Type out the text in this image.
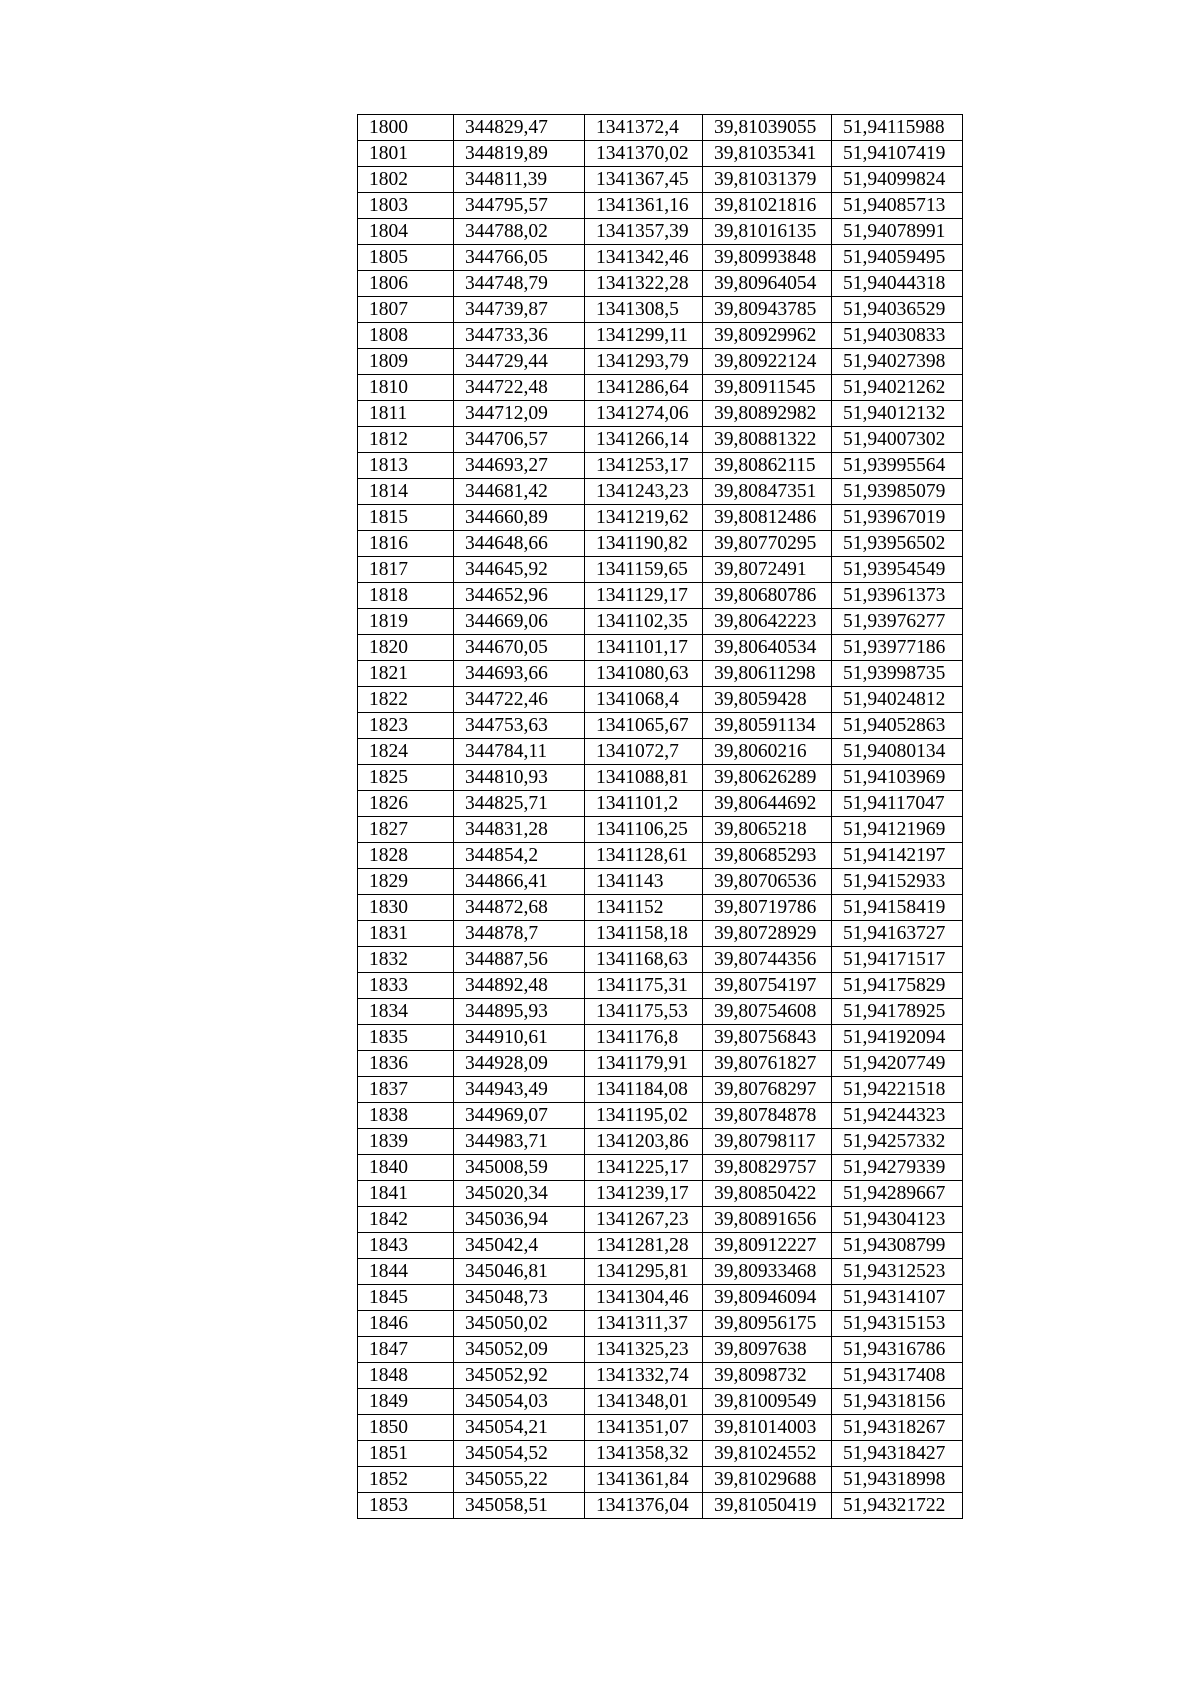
1800	344829,47	1341372,4	39,81039055	51,94115988
1801	344819,89	1341370,02	39,81035341	51,94107419
1802	344811,39	1341367,45	39,81031379	51,94099824
1803	344795,57	1341361,16	39,81021816	51,94085713
1804	344788,02	1341357,39	39,81016135	51,94078991
1805	344766,05	1341342,46	39,80993848	51,94059495
1806	344748,79	1341322,28	39,80964054	51,94044318
1807	344739,87	1341308,5	39,80943785	51,94036529
1808	344733,36	1341299,11	39,80929962	51,94030833
1809	344729,44	1341293,79	39,80922124	51,94027398
1810	344722,48	1341286,64	39,80911545	51,94021262
1811	344712,09	1341274,06	39,80892982	51,94012132
1812	344706,57	1341266,14	39,80881322	51,94007302
1813	344693,27	1341253,17	39,80862115	51,93995564
1814	344681,42	1341243,23	39,80847351	51,93985079
1815	344660,89	1341219,62	39,80812486	51,93967019
1816	344648,66	1341190,82	39,80770295	51,93956502
1817	344645,92	1341159,65	39,8072491	51,93954549
1818	344652,96	1341129,17	39,80680786	51,93961373
1819	344669,06	1341102,35	39,80642223	51,93976277
1820	344670,05	1341101,17	39,80640534	51,93977186
1821	344693,66	1341080,63	39,80611298	51,93998735
1822	344722,46	1341068,4	39,8059428	51,94024812
1823	344753,63	1341065,67	39,80591134	51,94052863
1824	344784,11	1341072,7	39,8060216	51,94080134
1825	344810,93	1341088,81	39,80626289	51,94103969
1826	344825,71	1341101,2	39,80644692	51,94117047
1827	344831,28	1341106,25	39,8065218	51,94121969
1828	344854,2	1341128,61	39,80685293	51,94142197
1829	344866,41	1341143	39,80706536	51,94152933
1830	344872,68	1341152	39,80719786	51,94158419
1831	344878,7	1341158,18	39,80728929	51,94163727
1832	344887,56	1341168,63	39,80744356	51,94171517
1833	344892,48	1341175,31	39,80754197	51,94175829
1834	344895,93	1341175,53	39,80754608	51,94178925
1835	344910,61	1341176,8	39,80756843	51,94192094
1836	344928,09	1341179,91	39,80761827	51,94207749
1837	344943,49	1341184,08	39,80768297	51,94221518
1838	344969,07	1341195,02	39,80784878	51,94244323
1839	344983,71	1341203,86	39,80798117	51,94257332
1840	345008,59	1341225,17	39,80829757	51,94279339
1841	345020,34	1341239,17	39,80850422	51,94289667
1842	345036,94	1341267,23	39,80891656	51,94304123
1843	345042,4	1341281,28	39,80912227	51,94308799
1844	345046,81	1341295,81	39,80933468	51,94312523
1845	345048,73	1341304,46	39,80946094	51,94314107
1846	345050,02	1341311,37	39,80956175	51,94315153
1847	345052,09	1341325,23	39,8097638	51,94316786
1848	345052,92	1341332,74	39,8098732	51,94317408
1849	345054,03	1341348,01	39,81009549	51,94318156
1850	345054,21	1341351,07	39,81014003	51,94318267
1851	345054,52	1341358,32	39,81024552	51,94318427
1852	345055,22	1341361,84	39,81029688	51,94318998
1853	345058,51	1341376,04	39,81050419	51,94321722
